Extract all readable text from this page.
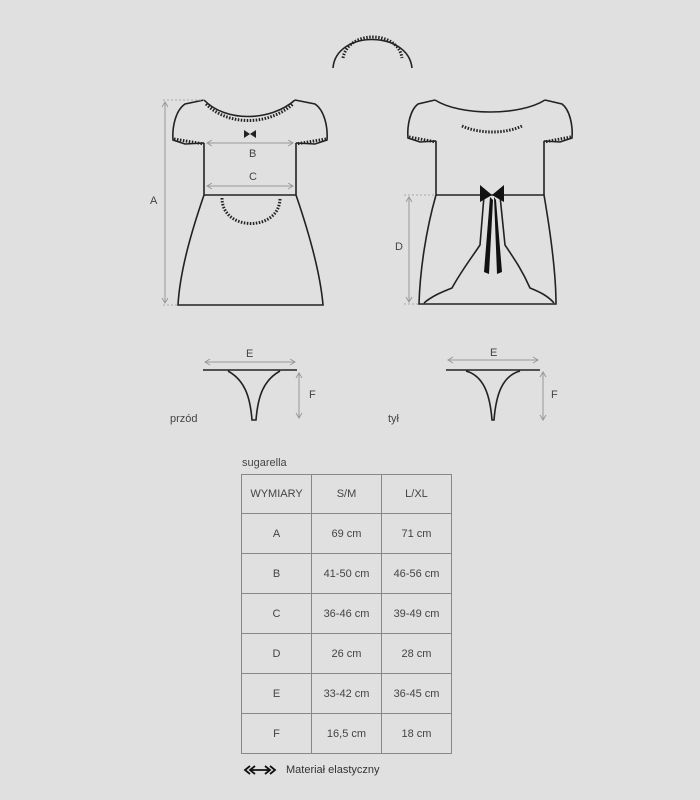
A
B
C
D
E
F
przód
E
F
tył
sugarella
WYMIARY	S/M	L/XL
A	69 cm	71 cm
B	41-50 cm	46-56 cm
C	36-46 cm	39-49 cm
D	26 cm	28 cm
E	33-42 cm	36-45 cm
F	16,5 cm	18 cm
Materiał elastyczny
